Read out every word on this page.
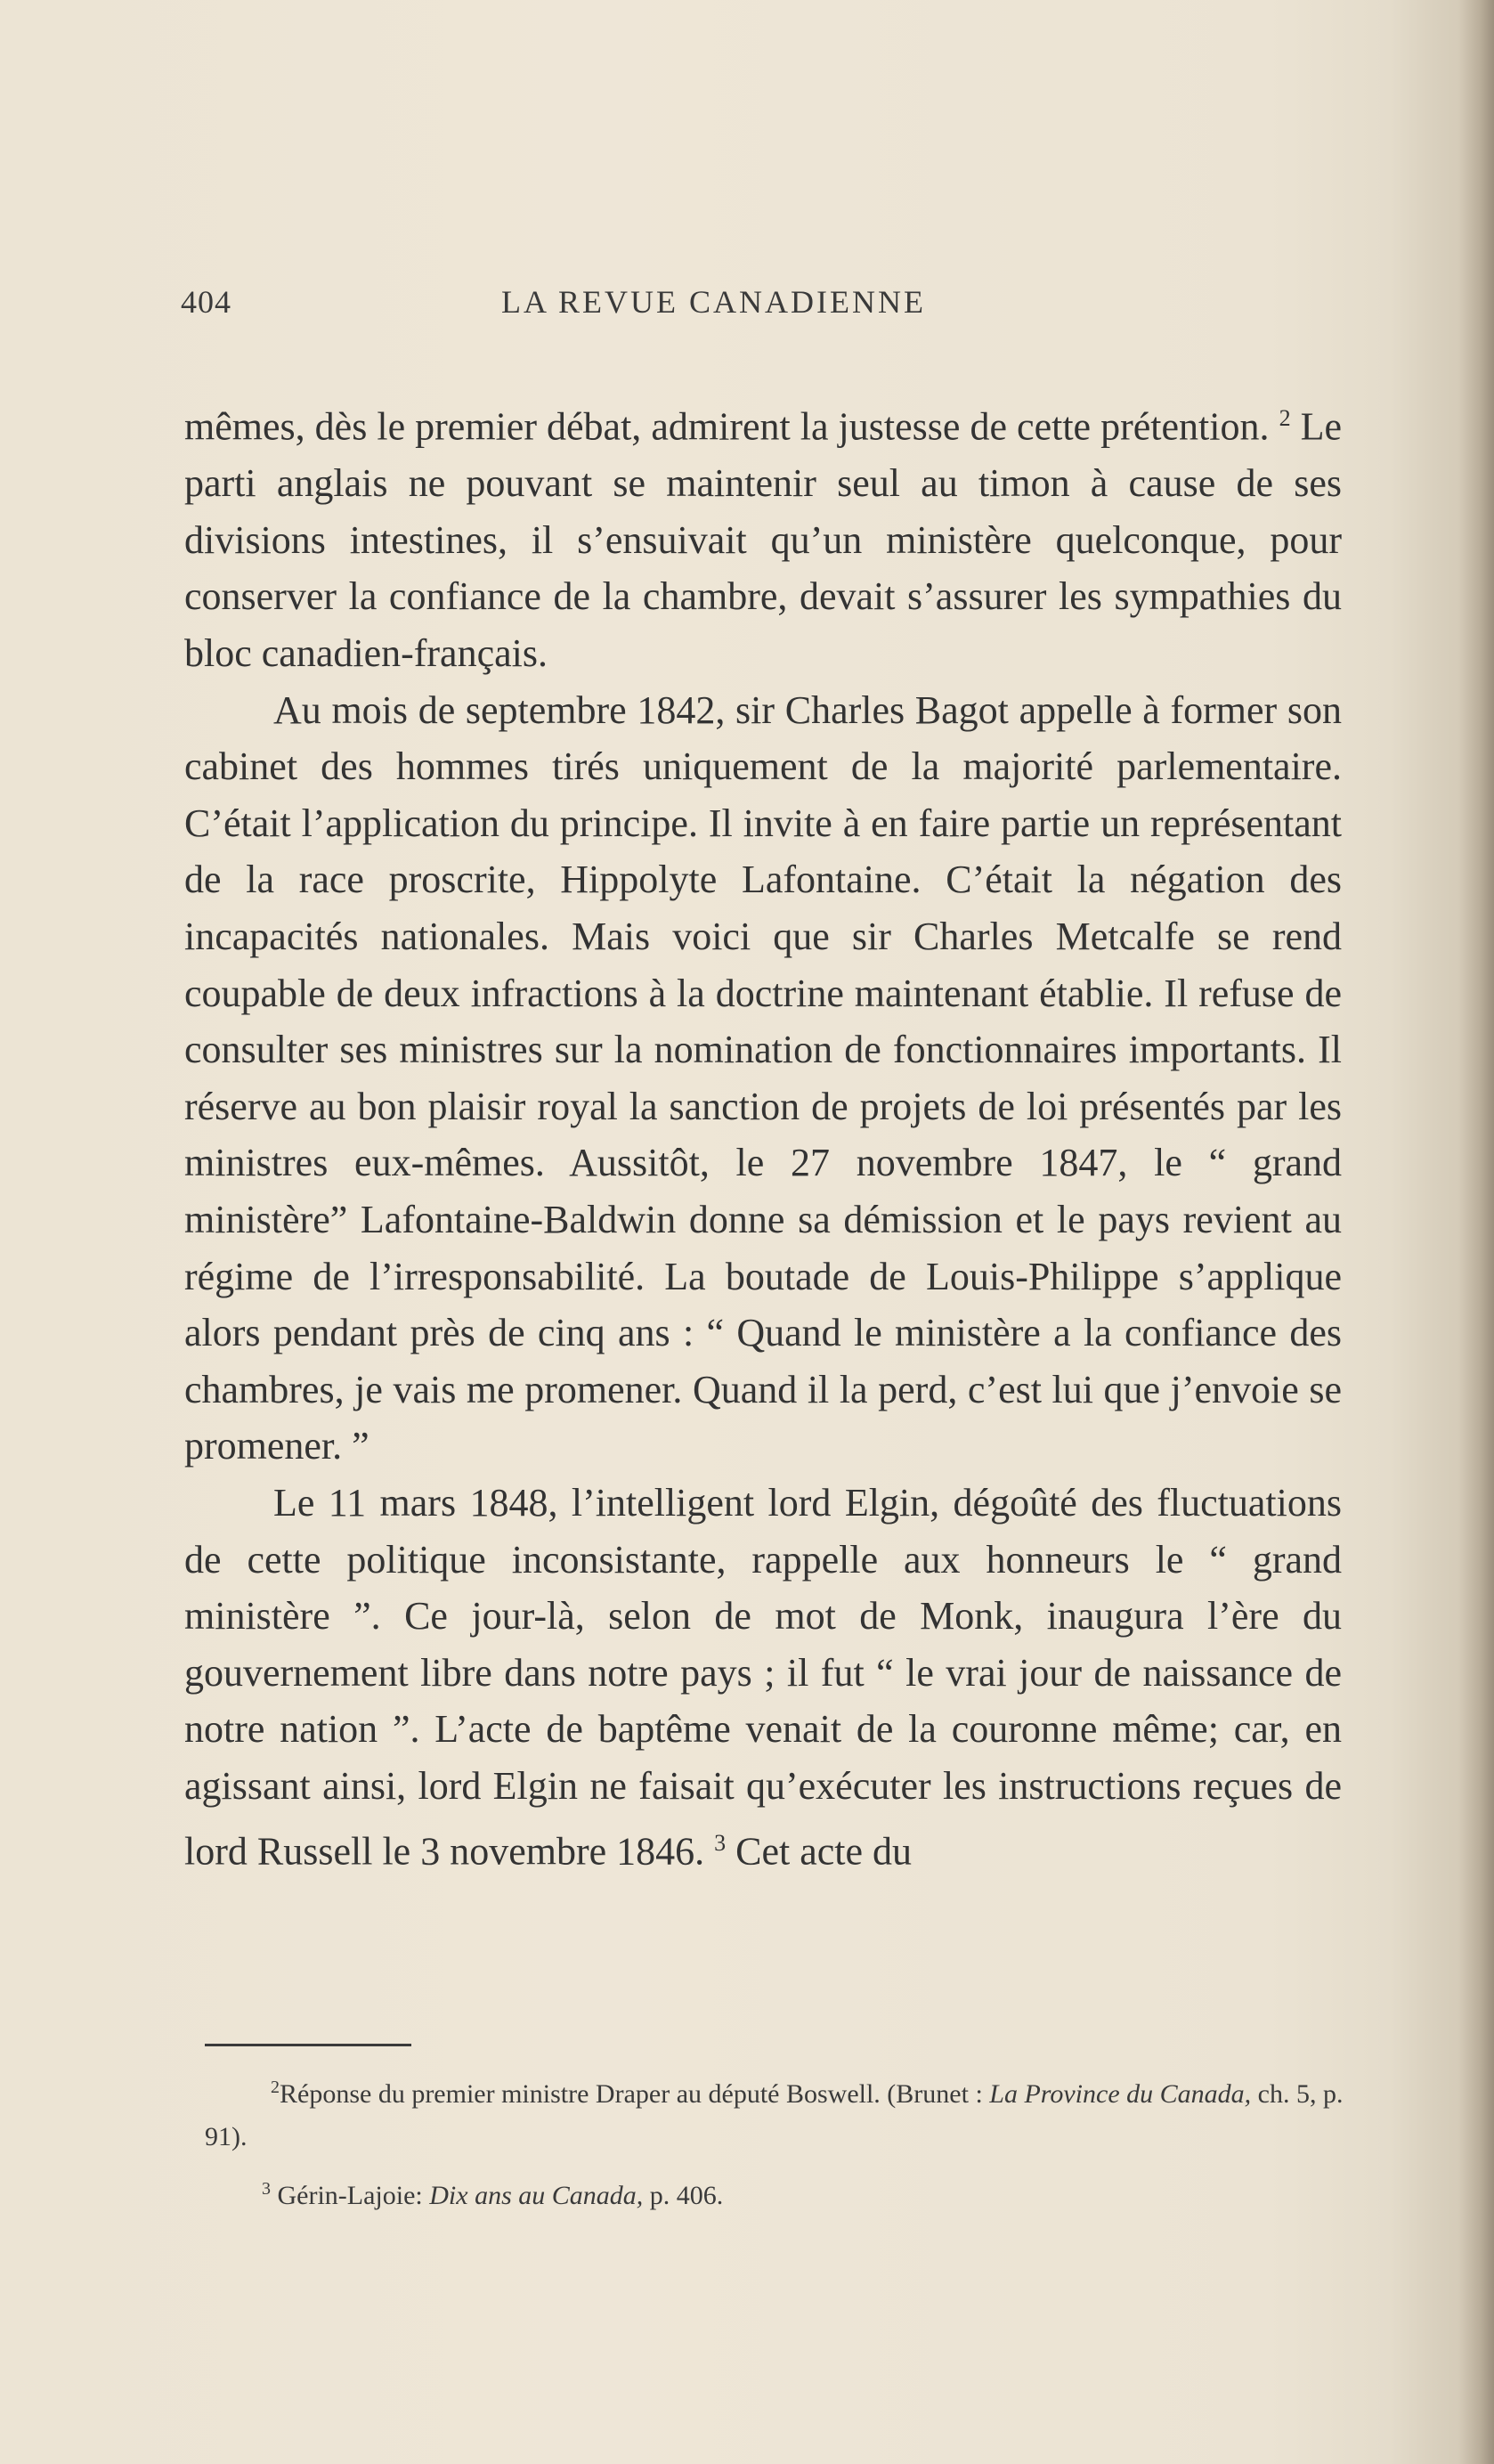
404	LA REVUE CANADIENNE

mêmes, dès le premier débat, admirent la justesse de cette prétention. $^2$ Le parti anglais ne pouvant se maintenir seul au timon à cause de ses divisions intestines, il s’ensuivait qu’un ministère quelconque, pour conserver la confiance de la chambre, devait s’assurer les sympathies du bloc canadien-français.

Au mois de septembre 1842, sir Charles Bagot appelle à former son cabinet des hommes tirés uniquement de la majorité parlementaire. C’était l’application du principe. Il invite à en faire partie un représentant de la race proscrite, Hippolyte Lafontaine. C’était la négation des incapacités nationales. Mais voici que sir Charles Metcalfe se rend coupable de deux infractions à la doctrine maintenant établie. Il refuse de consulter ses ministres sur la nomination de fonctionnaires importants. Il réserve au bon plaisir royal la sanction de projets de loi présentés par les ministres eux-mêmes. Aussitôt, le 27 novembre 1847, le “ grand ministère” Lafontaine-Baldwin donne sa démission et le pays revient au régime de l’irresponsabilité. La boutade de Louis-Philippe s’applique alors pendant près de cinq ans : “ Quand le ministère a la confiance des chambres, je vais me promener. Quand il la perd, c’est lui que j’envoie se promener. ”

Le 11 mars 1848, l’intelligent lord Elgin, dégoûté des fluctuations de cette politique inconsistante, rappelle aux honneurs le “ grand ministère ”. Ce jour-là, selon de mot de Monk, inaugura l’ère du gouvernement libre dans notre pays ; il fut “ le vrai jour de naissance de notre nation ”. L’acte de baptême venait de la couronne même; car, en agissant ainsi, lord Elgin ne faisait qu’exécuter les instructions reçues de lord Russell le 3 novembre 1846. $^3$ Cet acte du

$^2$Réponse du premier ministre Draper au député Boswell. (Brunet : La Province du Canada, ch. 5, p. 91).

$^3$ Gérin-Lajoie: Dix ans au Canada, p. 406.
